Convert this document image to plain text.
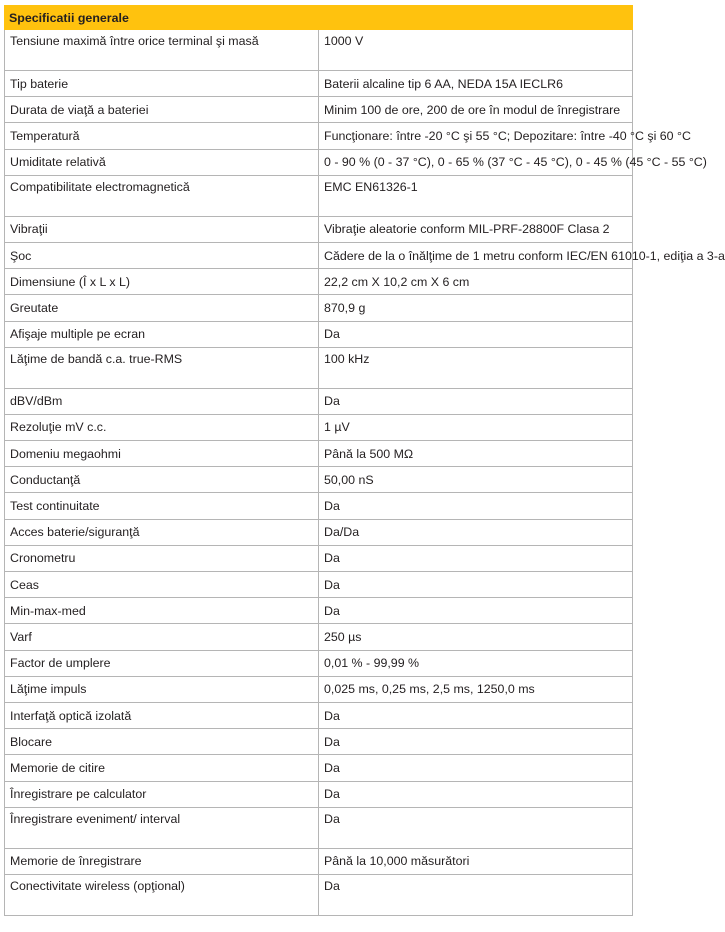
Specificatii generale	
Tensiune maximă între orice terminal şi masă	1000 V
Tip baterie	Baterii alcaline tip 6 AA, NEDA 15A IECLR6
Durata de viaţă a bateriei	Minim 100 de ore, 200 de ore în modul de înregistrare
Temperatură	Funcţionare: între -20 °C şi 55 °C; Depozitare: între -40 °C şi 60 °C
Umiditate relativă	0 - 90 % (0 - 37 °C), 0 - 65 % (37 °C - 45 °C), 0 - 45 % (45 °C - 55 °C)
Compatibilitate electromagnetică	EMC EN61326-1
Vibraţii	Vibraţie aleatorie conform MIL-PRF-28800F Clasa 2
Şoc	Cădere de la o înălţime de 1 metru conform IEC/EN 61010-1, ediţia a 3-a
Dimensiune (Î x L x L)	22,2 cm X 10,2 cm X 6 cm
Greutate	870,9 g
Afişaje multiple pe ecran	Da
Lăţime de bandă c.a. true-RMS	100 kHz
dBV/dBm	Da
Rezoluţie mV c.c.	1 µV
Domeniu megaohmi	Până la 500 MΩ
Conductanţă	50,00 nS
Test continuitate	Da
Acces baterie/siguranţă	Da/Da
Cronometru	Da
Ceas	Da
Min-max-med	Da
Varf	250 µs
Factor de umplere	0,01 % - 99,99 %
Lăţime impuls	0,025 ms, 0,25 ms, 2,5 ms, 1250,0 ms
Interfaţă optică izolată	Da
Blocare	Da
Memorie de citire	Da
Înregistrare pe calculator	Da
Înregistrare eveniment/ interval	Da
Memorie de înregistrare	Până la 10,000 măsurători
Conectivitate wireless (opţional)	Da
